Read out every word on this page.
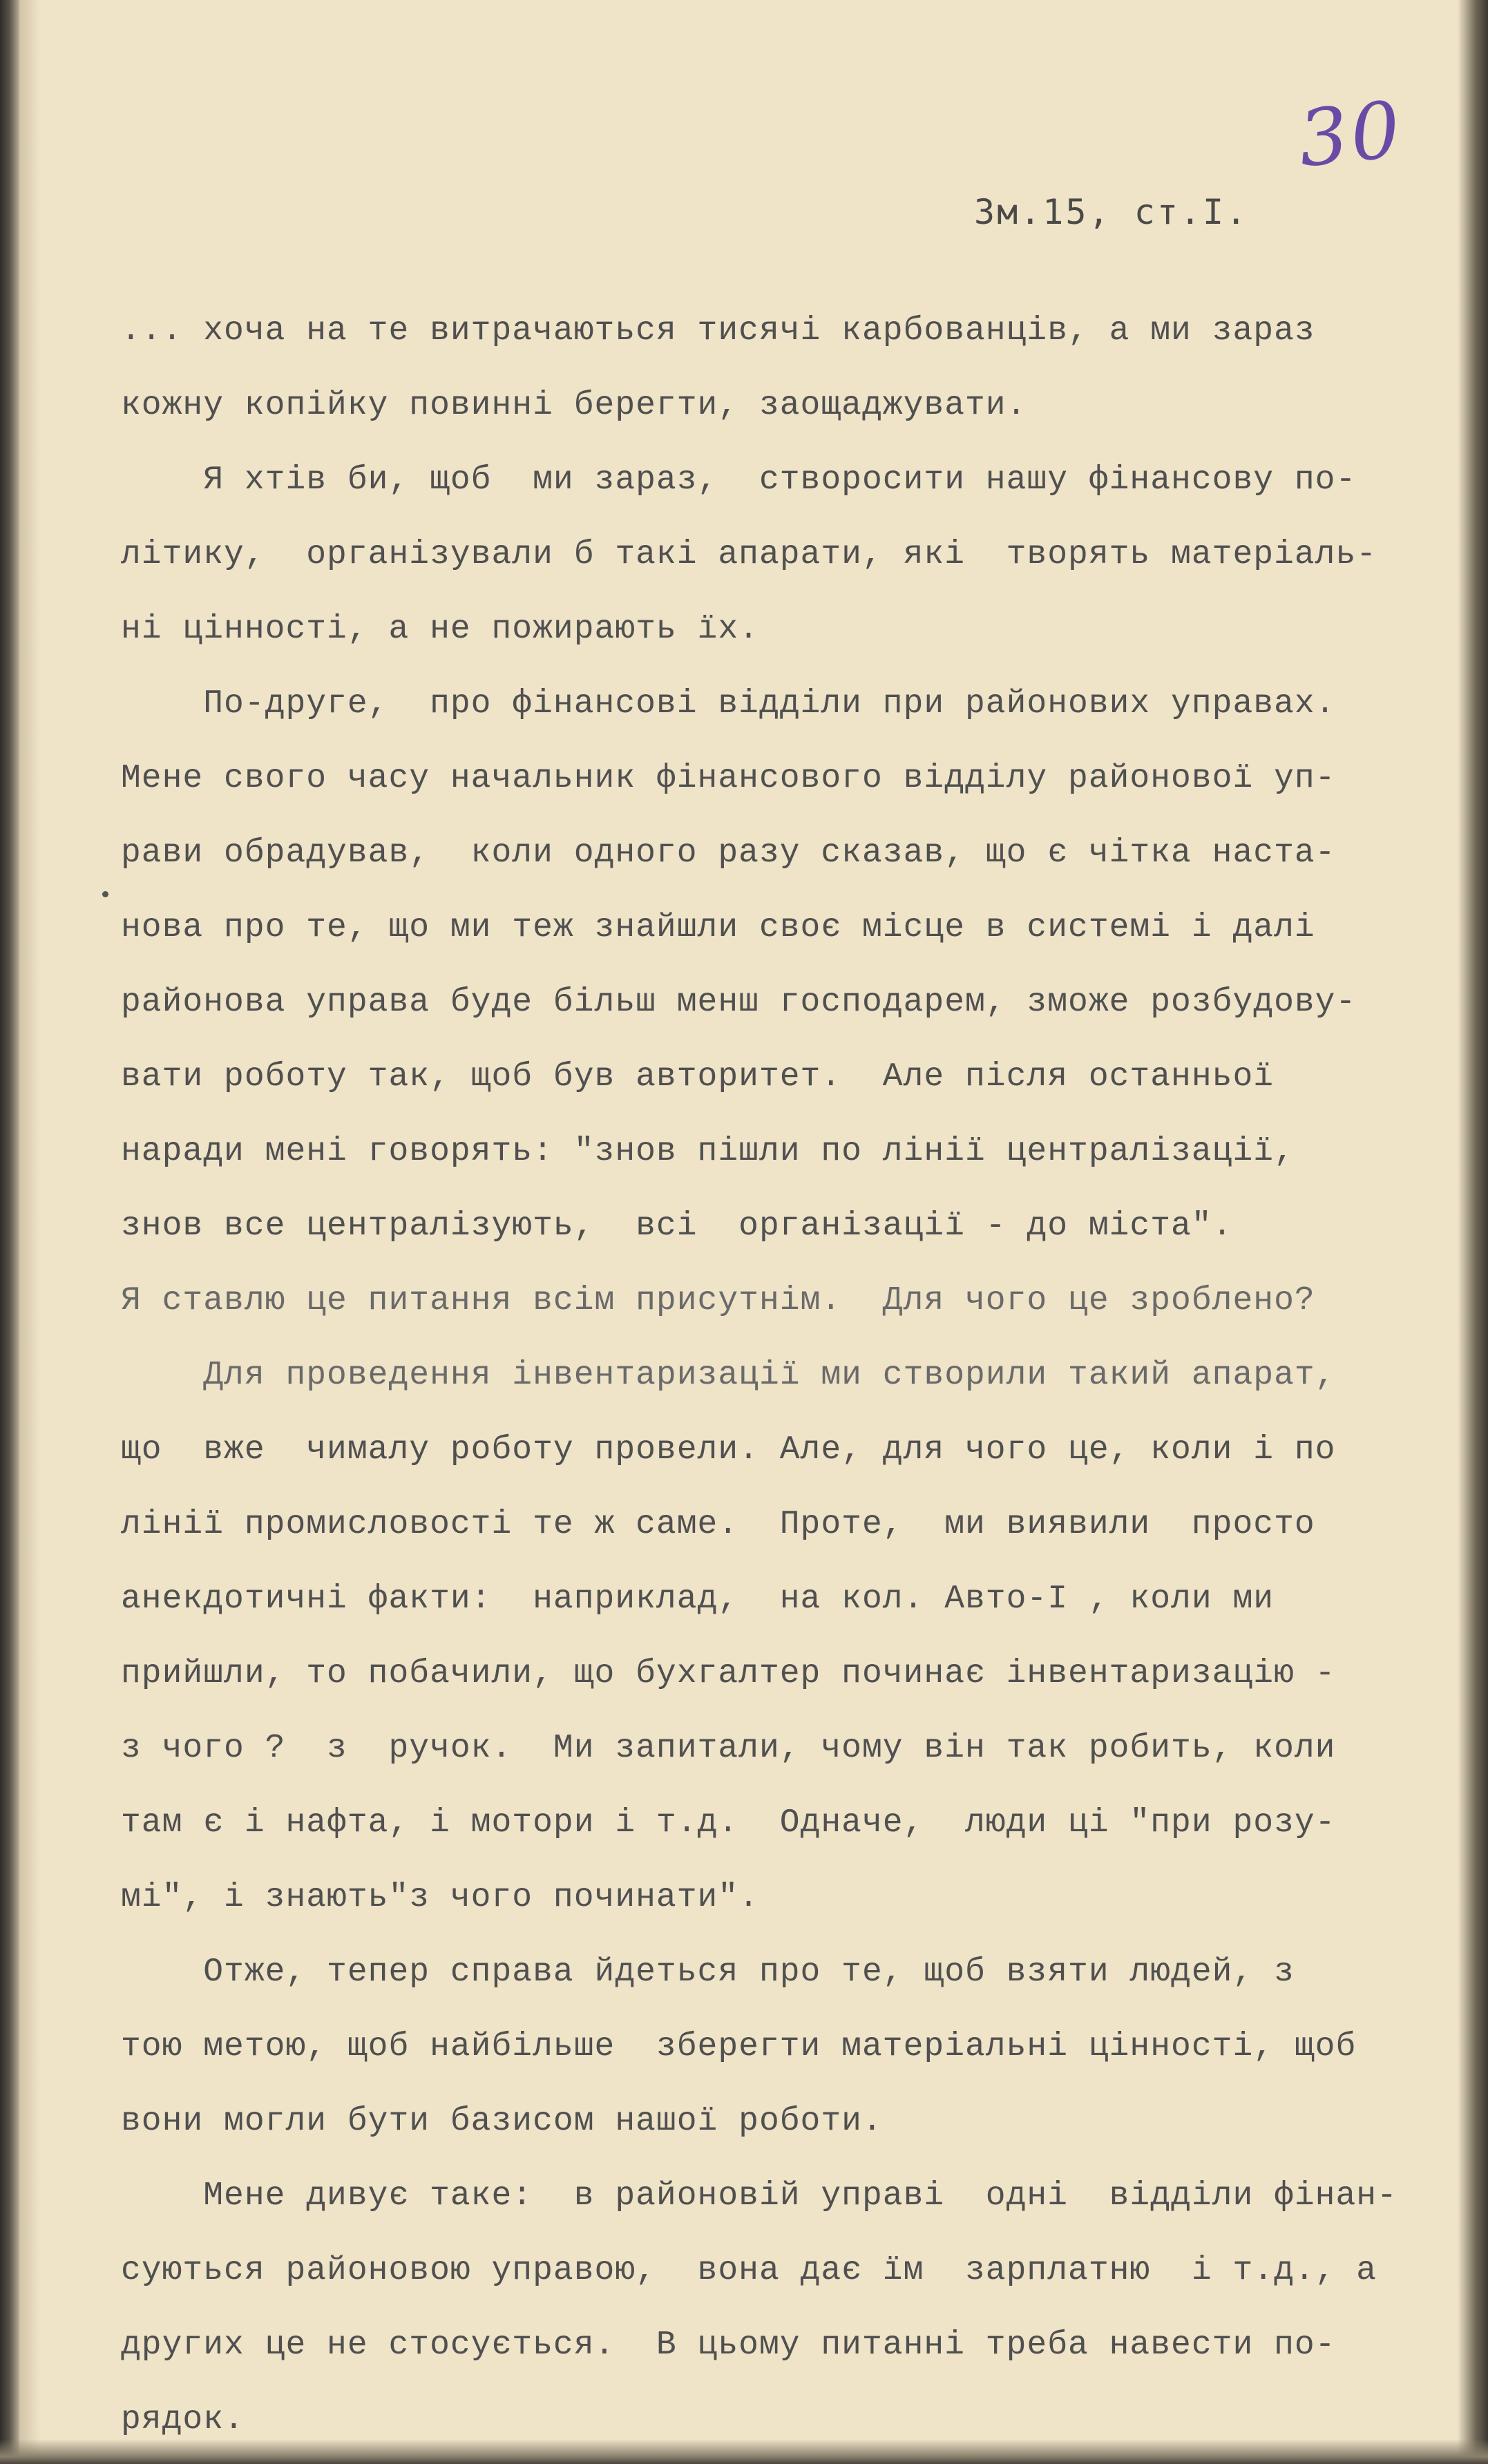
30
Зм.15, ст.І.
... хоча на те витрачаються тисячі карбованців, а ми зараз
кожну копійку повинні берегти, заощаджувати.
Я хтів би, щоб  ми зараз,  створосити нашу фінансову по-
літику,  організували б такі апарати, які  творять матеріаль-
ні цінності, а не пожирають їх.
По-друге,  про фінансові відділи при районових управах.
Мене свого часу начальник фінансового відділу районової уп-
рави обрадував,  коли одного разу сказав, що є чітка наста-
нова про те, що ми теж знайшли своє місце в системі і далі
районова управа буде більш менш господарем, зможе розбудову-
вати роботу так, щоб був авторитет.  Але після останньої
наради мені говорять: "знов пішли по лінії централізації,
знов все централізують,  всі  організації - до міста".
Я ставлю це питання всім присутнім.  Для чого це зроблено?
Для проведення інвентаризації ми створили такий апарат,
що  вже  чималу роботу провели. Але, для чого це, коли і по
лінії промисловості те ж саме.  Проте,  ми виявили  просто
анекдотичні факти:  наприклад,  на кол. Авто-І , коли ми
прийшли, то побачили, що бухгалтер починає інвентаризацію -
з чого ?  з  ручок.  Ми запитали, чому він так робить, коли
там є і нафта, і мотори і т.д.  Одначе,  люди ці "при розу-
мі", і знають"з чого починати".
Отже, тепер справа йдеться про те, щоб взяти людей, з
тою метою, щоб найбільше  зберегти матеріальні цінності, щоб
вони могли бути базисом нашої роботи.
Мене дивує таке:  в районовій управі  одні  відділи фінан-
суються районовою управою,  вона дає їм  зарплатню  і т.д., а
других це не стосується.  В цьому питанні треба навести по-
рядок.
